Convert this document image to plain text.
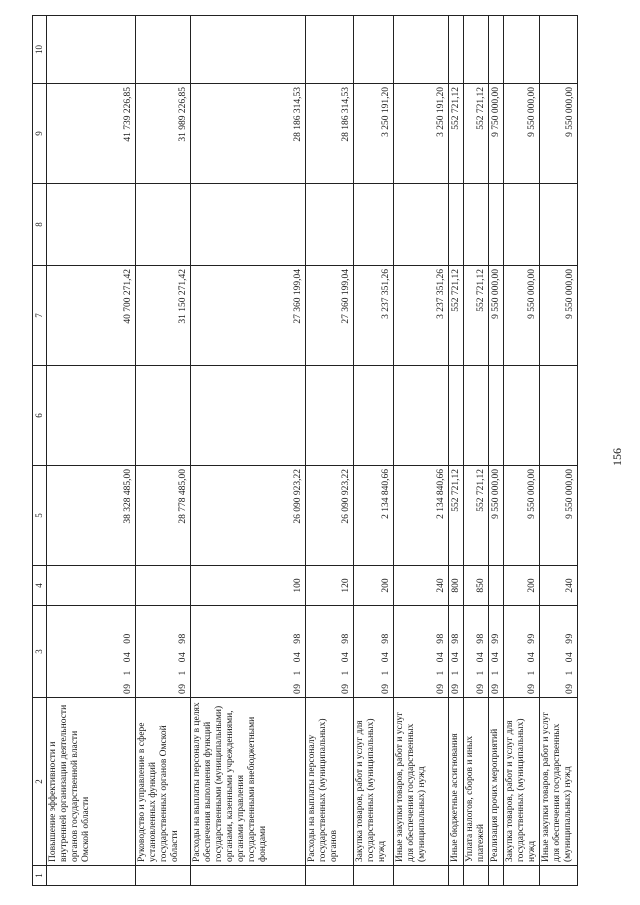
1	2	3	4	5	6	7	8	9	10
	Повышение эффективности и внутренней организации деятельности органов государственной власти Омской области	0910400		38 328 485,00		40 700 271,42		41 739 226,85	
	Руководство и управление в сфере установленных функций государственных органов Омской области	0910498		28 778 485,00		31 150 271,42		31 989 226,85	
	Расходы на выплаты персоналу в целях обеспечения выполнения функций государственными (муниципальными) органами, казенными учреждениями, органами управления государственными внебюджетными фондами	0910498	100	26 090 923,22		27 360 199,04		28 186 314,53	
	Расходы на выплаты персоналу государственных (муниципальных) органов	0910498	120	26 090 923,22		27 360 199,04		28 186 314,53	
	Закупка товаров, работ и услуг для государственных (муниципальных) нужд	0910498	200	2 134 840,66		3 237 351,26		3 250 191,20	
	Иные закупки товаров, работ и услуг для обеспечения государственных (муниципальных) нужд	0910498	240	2 134 840,66		3 237 351,26		3 250 191,20	
	Иные бюджетные ассигнования	0910498	800	552 721,12		552 721,12		552 721,12	
	Уплата налогов, сборов и иных платежей	0910498	850	552 721,12		552 721,12		552 721,12	
	Реализация прочих мероприятий	0910499		9 550 000,00		9 550 000,00		9 750 000,00	
	Закупка товаров, работ и услуг для государственных (муниципальных) нужд	0910499	200	9 550 000,00		9 550 000,00		9 550 000,00	
	Иные закупки товаров, работ и услуг для обеспечения государственных (муниципальных) нужд	0910499	240	9 550 000,00		9 550 000,00		9 550 000,00	
156
